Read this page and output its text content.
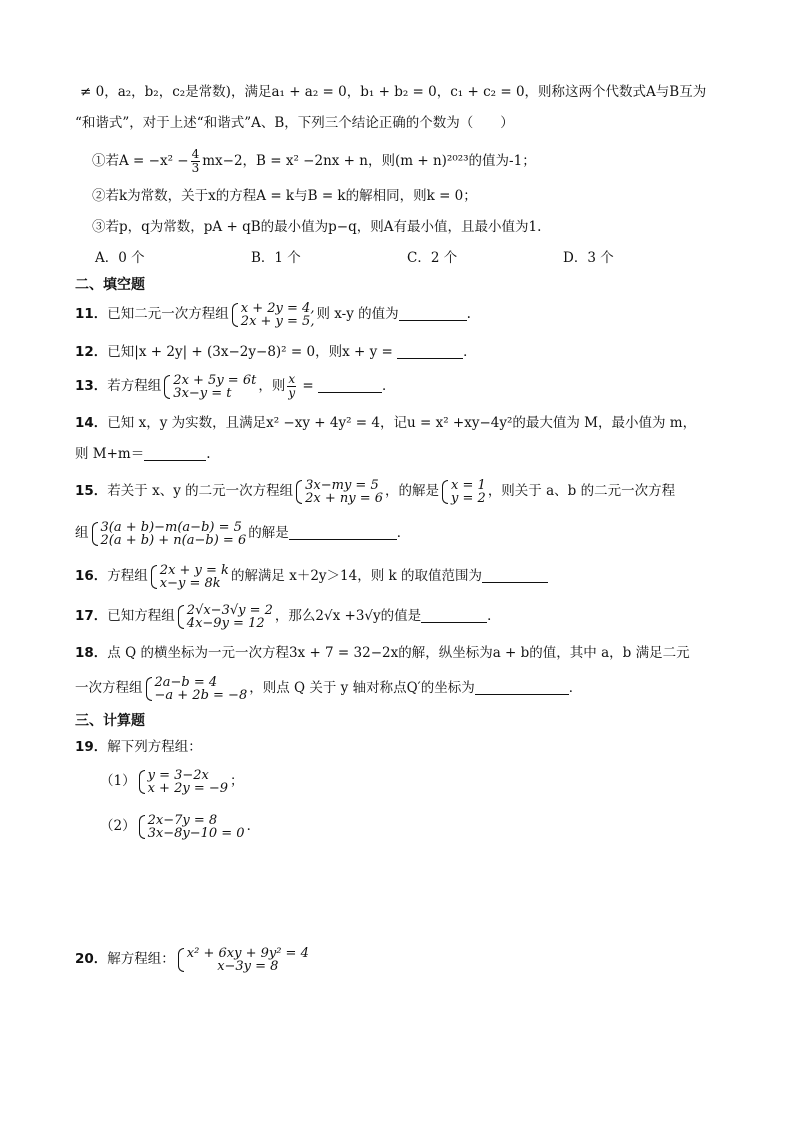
≠ 0，a₂，b₂，c₂是常数)，满足a₁ + a₂ = 0，b₁ + b₂ = 0，c₁ + c₂ = 0，则称这两个代数式A与B互为
“和谐式”，对于上述“和谐式”A、B，下列三个结论正确的个数为（　　）
①若$A = -x^2 - \frac{4}{3} mx-2$，B = x² −2nx + n，则(m + n)²⁰²³的值为-1；
②若k为常数，关于x的方程A = k与B = k的解相同，则k = 0；
③若p，q为常数，pA + qB的最小值为p−q，则A有最小值，且最小值为1.
A．0 个	B．1 个	C．2 个	D．3 个
二、填空题
11．已知二元一次方程组 x + 2y = 4,
2x + y = 5, 则 x-y 的值为	.
12．已知|x + 2y| + (3x−2y−8)² = 0，则x + y =	．
13．若方程组 2x + 5y = 6t
3x−y = t	，则 $\frac{x}{y}$ =	．
14．已知 x，y 为实数，且满足x² −xy + 4y² = 4，记u = x² +xy−4y²的最大值为 M，最小值为 m，
则 M+m＝	.
15．若关于 x、y 的二元一次方程组 3x−my = 5
2x + ny = 6 ，的解是 x = 1
y = 2 ，则关于 a、b 的二元一次方程
组 3(a + b)−m(a−b) = 5
2(a + b) + n(a−b) = 6 的解是	．
16．方程组 2x + y = k
x−y = 8k 的解满足 x＋2y＞14，则 k 的取值范围为
17．已知方程组 2√x−3√y = 2
4x−9y = 12 ，那么2√x +3√y的值是	．
18．点 Q 的横坐标为一元一次方程3x + 7 = 32−2x的解，纵坐标为a + b的值，其中 a，b 满足二元
一次方程组 2a−b = 4
−a + 2b = −8 ，则点 Q 关于 y 轴对称点Q′的坐标为	．
三、计算题
19．解下列方程组：
（1） y = 3−2x
x + 2y = −9 ；
（2） 2x−7y = 8
3x−8y−10 = 0 ．
20．解方程组： x² + 6xy + 9y² = 4
x−3y = 8
